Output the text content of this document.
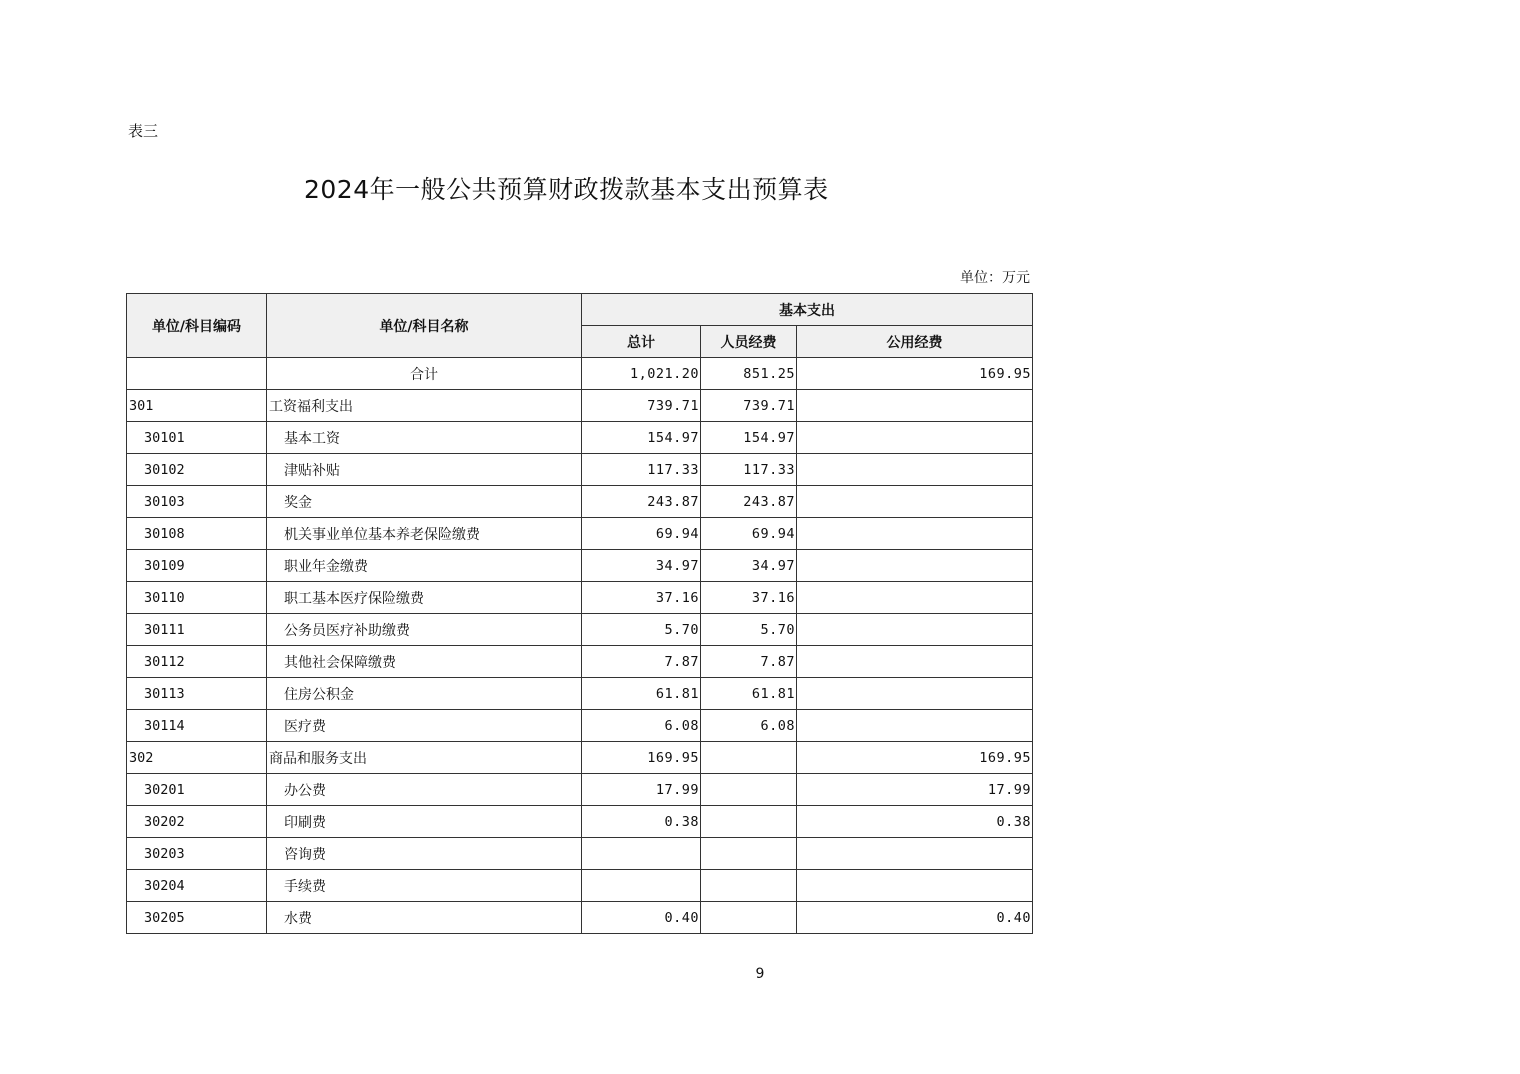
表三
2024年一般公共预算财政拨款基本支出预算表
单位：万元
单位/科目编码	单位/科目名称	基本支出		
		总计	人员经费	公用经费
	合计	1,021.20	851.25	169.95
301	工资福利支出	739.71	739.71	
30101	基本工资	154.97	154.97	
30102	津贴补贴	117.33	117.33	
30103	奖金	243.87	243.87	
30108	机关事业单位基本养老保险缴费	69.94	69.94	
30109	职业年金缴费	34.97	34.97	
30110	职工基本医疗保险缴费	37.16	37.16	
30111	公务员医疗补助缴费	5.70	5.70	
30112	其他社会保障缴费	7.87	7.87	
30113	住房公积金	61.81	61.81	
30114	医疗费	6.08	6.08	
302	商品和服务支出	169.95		169.95
30201	办公费	17.99		17.99
30202	印刷费	0.38		0.38
30203	咨询费			
30204	手续费			
30205	水费	0.40		0.40
9
